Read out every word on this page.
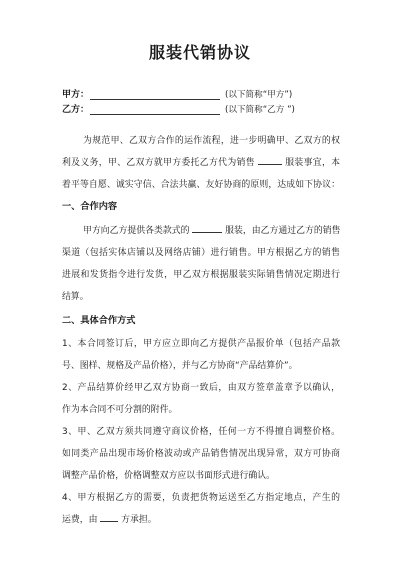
服装代销协议
甲方：	(以下简称“甲方”)
乙方：	(以下简称“乙方 ”)
为规范甲、乙双方合作的运作流程，进一步明确甲、乙双方的权
利及义务，甲、乙双方就甲方委托乙方代为销售	服装事宜，本
着平等自愿、诚实守信、合法共赢、友好协商的原则，达成如下协议：
一、合作内容
甲方向乙方提供各类款式的	服装，由乙方通过乙方的销售
渠道（包括实体店铺以及网络店铺）进行销售。甲方根据乙方的销售
进展和发货指令进行发货，甲乙双方根据服装实际销售情况定期进行
结算。
二、具体合作方式
1、本合同签订后，甲方应立即向乙方提供产品报价单（包括产品款
号、图样、规格及产品价格），并与乙方协商“产品结算价”。
2、产品结算价经甲乙双方协商一致后，由双方签章盖章予以确认，
作为本合同不可分割的附件。
3、甲、乙双方须共同遵守商议价格，任何一方不得擅自调整价格。
如同类产品出现市场价格波动或产品销售情况出现异常，双方可协商
调整产品价格，价格调整双方应以书面形式进行确认。
4、甲方根据乙方的需要，负责把货物运送至乙方指定地点，产生的
运费，由	方承担。
